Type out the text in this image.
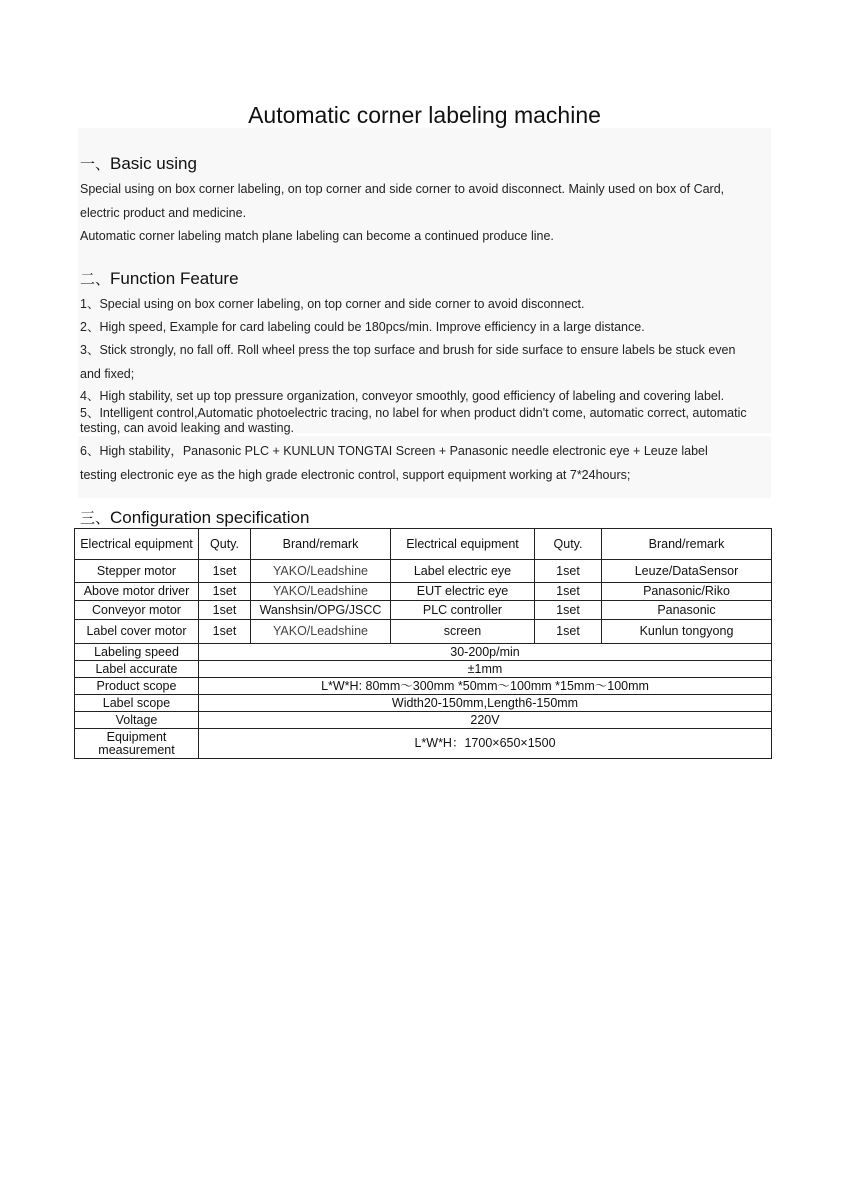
Automatic corner labeling machine
一、Basic using
Special using on box corner labeling, on top corner and side corner to avoid disconnect. Mainly used on box of Card,
electric product and medicine.
Automatic corner labeling match plane labeling can become a continued produce line.
二、Function Feature
1、Special using on box corner labeling, on top corner and side corner to avoid disconnect.
2、High speed, Example for card labeling could be 180pcs/min. Improve efficiency in a large distance.
3、Stick strongly, no fall off. Roll wheel press the top surface and brush for side surface to ensure labels be stuck even
and fixed;
4、High stability, set up top pressure organization, conveyor smoothly, good efficiency of labeling and covering label.
5、Intelligent control,Automatic photoelectric tracing, no label for when product didn't come, automatic correct, automatic
testing, can avoid leaking and wasting.
6、High stability，Panasonic PLC + KUNLUN TONGTAI Screen + Panasonic needle electronic eye + Leuze label
testing electronic eye as the high grade electronic control, support equipment working at 7*24hours;
三、Configuration specification
Electrical equipment	Quty.	Brand/remark	Electrical equipment	Quty.	Brand/remark
Stepper motor	1set	YAKO/Leadshine	Label electric eye	1set	Leuze/DataSensor
Above motor driver	1set	YAKO/Leadshine	EUT electric eye	1set	Panasonic/Riko
Conveyor motor	1set	Wanshsin/OPG/JSCC	PLC controller	1set	Panasonic
Label cover motor	1set	YAKO/Leadshine	screen	1set	Kunlun tongyong
Labeling speed	30-200p/min				
Label accurate	±1mm				
Product scope	L*W*H: 80mm～300mm *50mm～100mm *15mm～100mm				
Label scope	Width20-150mm,Length6-150mm				
Voltage	220V				
Equipment measurement	L*W*H：1700×650×1500				
